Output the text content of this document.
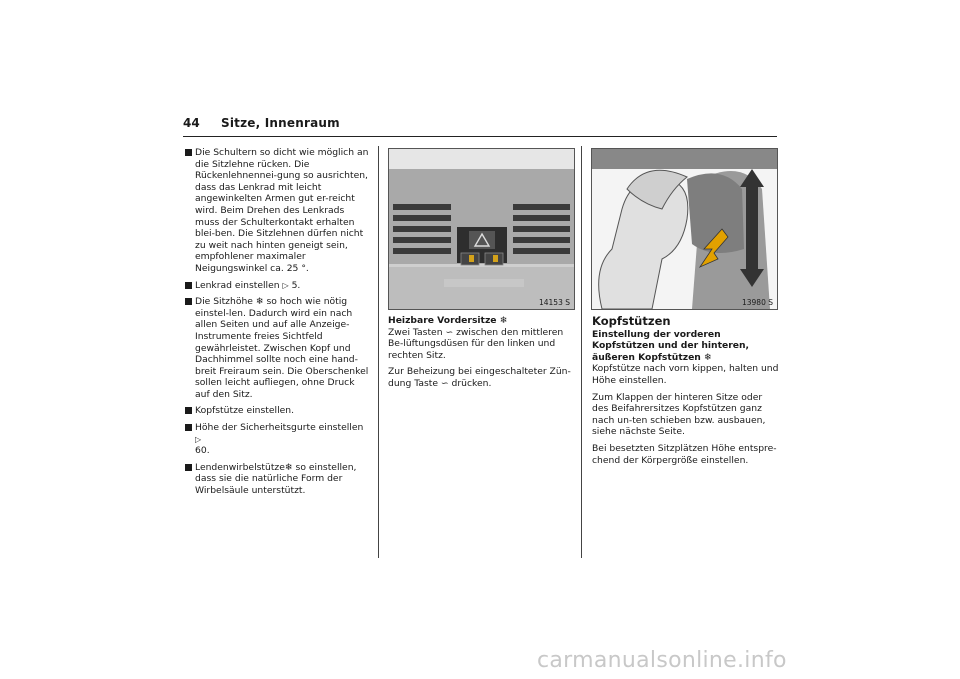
44 Sitze, Innenraum
Die Schultern so dicht wie möglich an die Sitzlehne rücken. Die Rückenlehnennei-gung so ausrichten, dass das Lenkrad mit leicht angewinkelten Armen gut er-reicht wird. Beim Drehen des Lenkrads muss der Schulterkontakt erhalten blei-ben. Die Sitzlehnen dürfen nicht zu weit nach hinten geneigt sein, empfohlener maximaler Neigungswinkel ca. 25 °.
Lenkrad einstellen ▷ 5.
Die Sitzhöhe ❄ so hoch wie nötig einstel-len. Dadurch wird ein nach allen Seiten und auf alle Anzeige-Instrumente freies Sichtfeld gewährleistet. Zwischen Kopf und Dachhimmel sollte noch eine hand-breit Freiraum sein. Die Oberschenkel sollen leicht aufliegen, ohne Druck auf den Sitz.
Kopfstütze einstellen.
Höhe der Sicherheitsgurte einstellen ▷
60.
Lendenwirbelstütze❄ so einstellen, dass sie die natürliche Form der Wirbelsäule unterstützt.
14153 S	13980 S
Heizbare Vordersitze ❄

Zwei Tasten ∽ zwischen den mittleren Be-lüftungsdüsen für den linken und rechten Sitz.

Zur Beheizung bei eingeschalteter Zün-dung Taste ∽ drücken.

Kopfstützen
Einstellung der vorderen Kopfstützen und der hinteren, äußeren Kopfstützen ❄

Kopfstütze nach vorn kippen, halten und Höhe einstellen.

Zum Klappen der hinteren Sitze oder des Beifahrersitzes Kopfstützen ganz nach un-ten schieben bzw. ausbauen, siehe nächste Seite.

Bei besetzten Sitzplätzen Höhe entspre-chend der Körpergröße einstellen.

carmanualsonline.info
